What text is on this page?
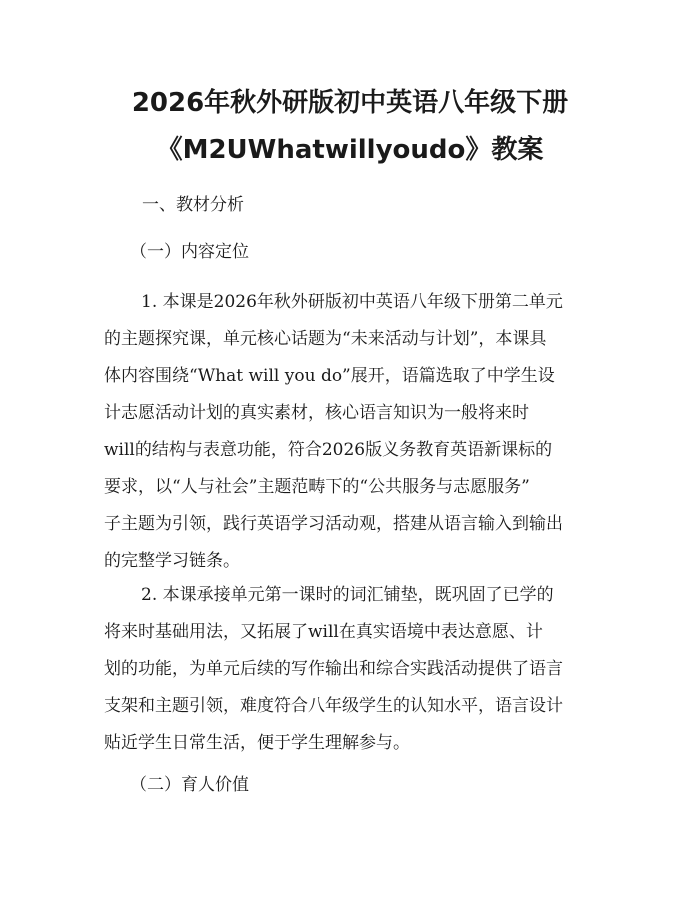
2026年秋外研版初中英语八年级下册
《M2UWhatwillyoudo》教案
一、教材分析
（一）内容定位
1. 本课是2026年秋外研版初中英语八年级下册第二单元
的主题探究课，单元核心话题为“未来活动与计划”，本课具
体内容围绕“What will you do”展开，语篇选取了中学生设
计志愿活动计划的真实素材，核心语言知识为一般将来时
will的结构与表意功能，符合2026版义务教育英语新课标的
要求，以“人与社会”主题范畴下的“公共服务与志愿服务”
子主题为引领，践行英语学习活动观，搭建从语言输入到输出
的完整学习链条。
2. 本课承接单元第一课时的词汇铺垫，既巩固了已学的
将来时基础用法，又拓展了will在真实语境中表达意愿、计
划的功能，为单元后续的写作输出和综合实践活动提供了语言
支架和主题引领，难度符合八年级学生的认知水平，语言设计
贴近学生日常生活，便于学生理解参与。
（二）育人价值
